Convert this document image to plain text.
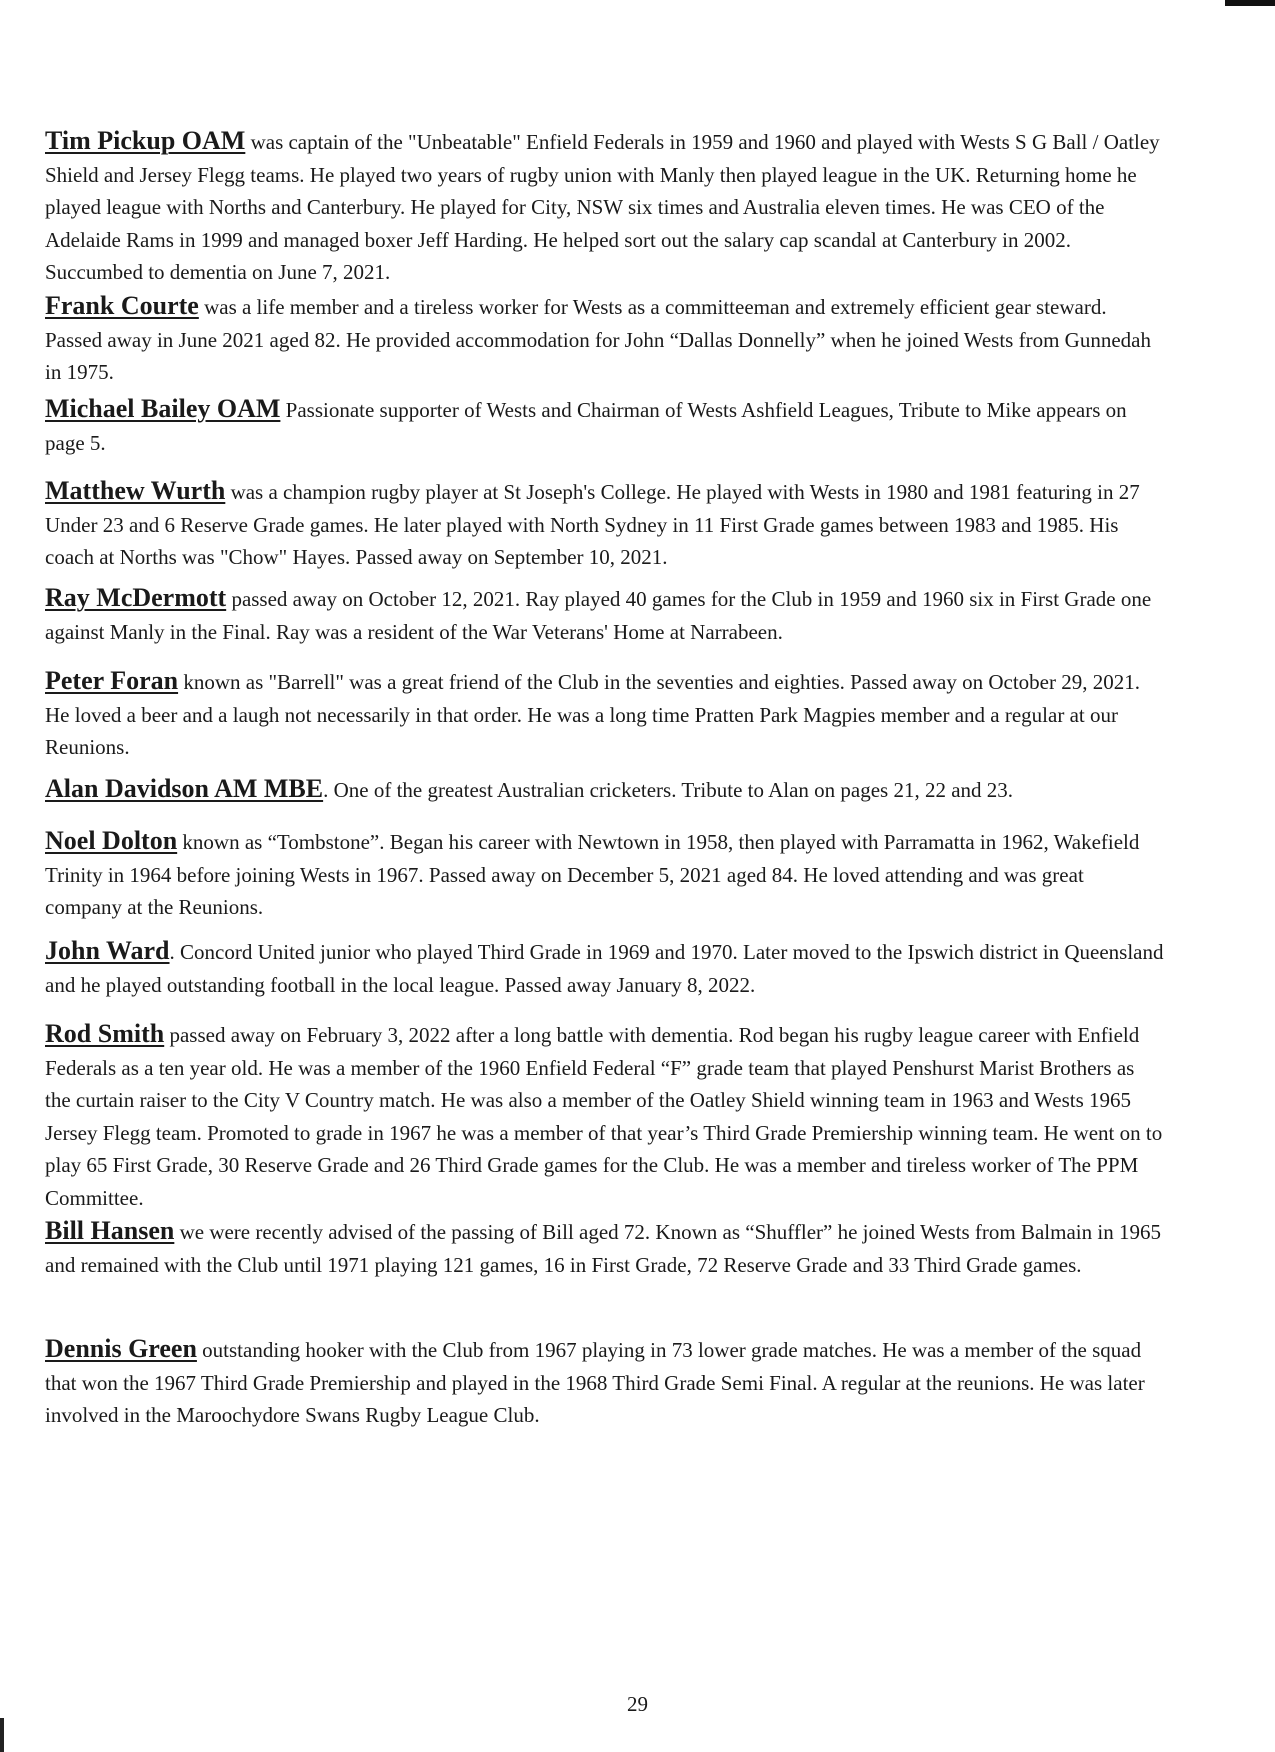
Tim Pickup OAM was captain of the "Unbeatable" Enfield Federals in 1959 and 1960 and played with Wests S G Ball / Oatley Shield and Jersey Flegg teams. He played two years of rugby union with Manly then played league in the UK. Returning home he played league with Norths and Canterbury. He played for City, NSW six times and Australia eleven times. He was CEO of the Adelaide Rams in 1999 and managed boxer Jeff Harding. He helped sort out the salary cap scandal at Canterbury in 2002. Succumbed to dementia on June 7, 2021.

Frank Courte was a life member and a tireless worker for Wests as a committeeman and extremely efficient gear steward. Passed away in June 2021 aged 82. He provided accommodation for John “Dallas Donnelly” when he joined Wests from Gunnedah in 1975.

Michael Bailey OAM Passionate supporter of Wests and Chairman of Wests Ashfield Leagues, Tribute to Mike appears on page 5.

Matthew Wurth was a champion rugby player at St Joseph's College. He played with Wests in 1980 and 1981 featuring in 27 Under 23 and 6 Reserve Grade games. He later played with North Sydney in 11 First Grade games between 1983 and 1985. His coach at Norths was "Chow" Hayes. Passed away on September 10, 2021.

Ray McDermott passed away on October 12, 2021. Ray played 40 games for the Club in 1959 and 1960 six in First Grade one against Manly in the Final. Ray was a resident of the War Veterans' Home at Narrabeen.

Peter Foran known as "Barrell" was a great friend of the Club in the seventies and eighties. Passed away on October 29, 2021. He loved a beer and a laugh not necessarily in that order. He was a long time Pratten Park Magpies member and a regular at our Reunions.

Alan Davidson AM MBE. One of the greatest Australian cricketers. Tribute to Alan on pages 21, 22 and 23.

Noel Dolton known as “Tombstone”. Began his career with Newtown in 1958, then played with Parramatta in 1962, Wakefield Trinity in 1964 before joining Wests in 1967. Passed away on December 5, 2021 aged 84. He loved attending and was great company at the Reunions.

John Ward. Concord United junior who played Third Grade in 1969 and 1970. Later moved to the Ipswich district in Queensland and he played outstanding football in the local league. Passed away January 8, 2022.

Rod Smith passed away on February 3, 2022 after a long battle with dementia. Rod began his rugby league career with Enfield Federals as a ten year old. He was a member of the 1960 Enfield Federal “F” grade team that played Penshurst Marist Brothers as the curtain raiser to the City V Country match. He was also a member of the Oatley Shield winning team in 1963 and Wests 1965 Jersey Flegg team. Promoted to grade in 1967 he was a member of that year’s Third Grade Premiership winning team. He went on to play 65 First Grade, 30 Reserve Grade and 26 Third Grade games for the Club. He was a member and tireless worker of The PPM Committee.

Bill Hansen we were recently advised of the passing of Bill aged 72. Known as “Shuffler” he joined Wests from Balmain in 1965 and remained with the Club until 1971 playing 121 games, 16 in First Grade, 72 Reserve Grade and 33 Third Grade games.

Dennis Green outstanding hooker with the Club from 1967 playing in 73 lower grade matches. He was a member of the squad that won the 1967 Third Grade Premiership and played in the 1968 Third Grade Semi Final. A regular at the reunions. He was later involved in the Maroochydore Swans Rugby League Club.

29
